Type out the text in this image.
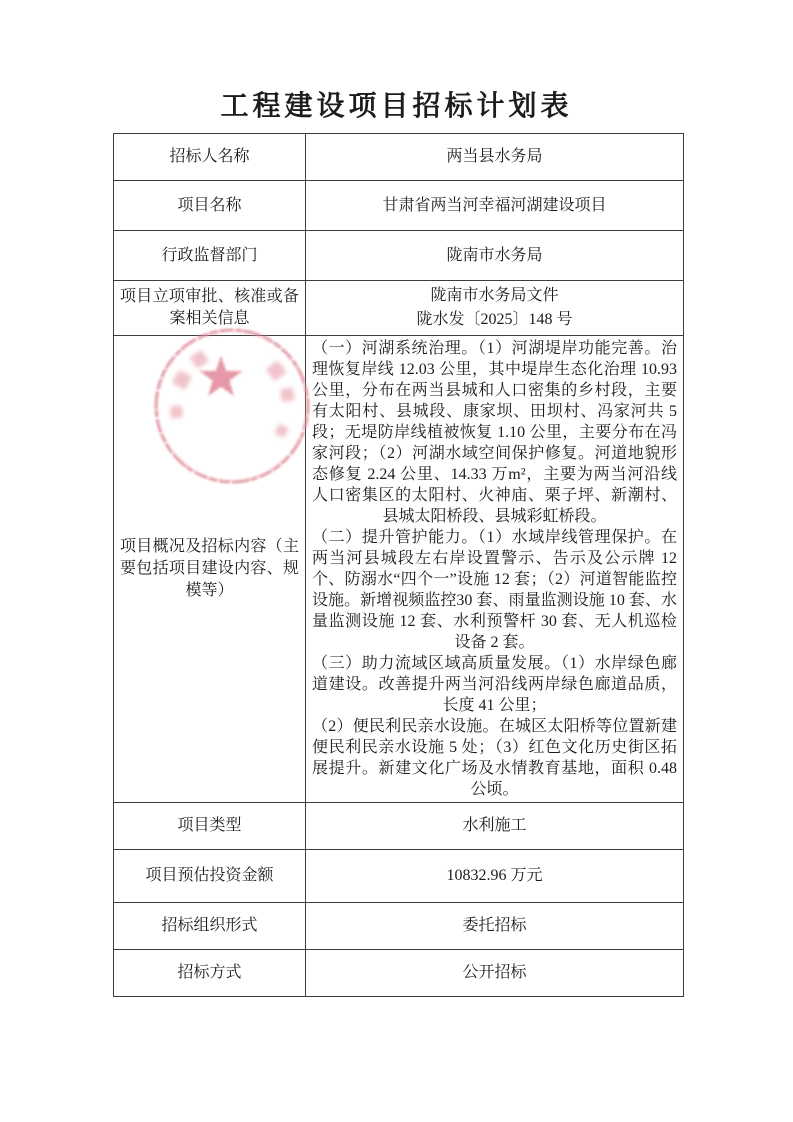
工程建设项目招标计划表
招标人名称	两当县水务局

项目名称	甘肃省两当河幸福河湖建设项目

行政监督部门	陇南市水务局

项目立项审批、核准或备案相关信息	陇南市水务局文件
陇水发〔2025〕148 号

项目概况及招标内容（主要包括项目建设内容、规模等）	（一）河湖系统治理。（1）河湖堤岸功能完善。治理恢复岸线 12.03 公里，其中堤岸生态化治理 10.93 公里，分布在两当县城和人口密集的乡村段，主要有太阳村、县城段、康家坝、田坝村、冯家河共 5 段；无堤防岸线植被恢复 1.10 公里，主要分布在冯家河段；（2）河湖水域空间保护修复。河道地貌形态修复 2.24 公里、14.33 万m²，主要为两当河沿线人口密集区的太阳村、火神庙、栗子坪、新潮村、县城太阳桥段、县城彩虹桥段。

（二）提升管护能力。（1）水域岸线管理保护。在两当河县城段左右岸设置警示、告示及公示牌 12 个、防溺水“四个一”设施 12 套；（2）河道智能监控设施。新增视频监控30 套、雨量监测设施 10 套、水量监测设施 12 套、水利预警杆 30 套、无人机巡检设备 2 套。

（三）助力流域区域高质量发展。（1）水岸绿色廊道建设。改善提升两当河沿线两岸绿色廊道品质，长度 41 公里；

（2）便民利民亲水设施。在城区太阳桥等位置新建便民利民亲水设施 5 处；（3）红色文化历史街区拓展提升。新建文化广场及水情教育基地，面积 0.48 公顷。

项目类型	水利施工

项目预估投资金额	10832.96 万元

招标组织形式	委托招标

招标方式	公开招标
